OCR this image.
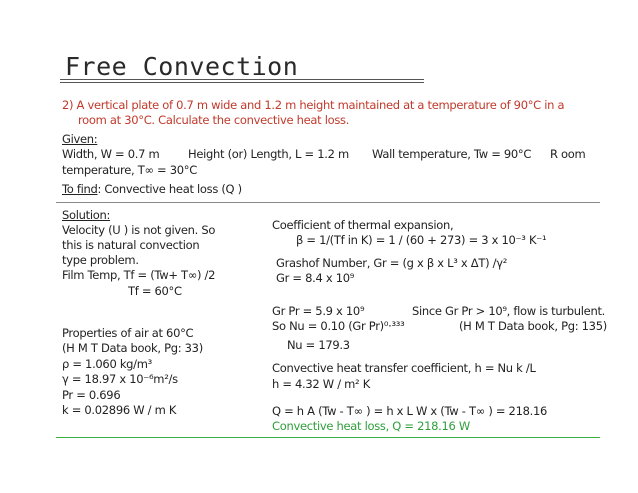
Free Convection
2) A vertical plate of 0.7 m wide and 1.2 m height maintained at a temperature of 90°C in a
room at 30°C. Calculate the convective heat loss.
Given:
Width, W = 0.7 m Height (or) Length, L = 1.2 m Wall temperature, Tw = 90°C R oom
temperature, T∞ = 30°C
To find: Convective heat loss (Q )
Solution:
Velocity (U ) is not given. So
this is natural convection
type problem.
Film Temp, Tf = (Tw+ T∞) /2
Tf = 60°C
Properties of air at 60°C
(H M T Data book, Pg: 33)
ρ = 1.060 kg/m³
γ = 18.97 x 10⁻⁶m²/s
Pr = 0.696
k = 0.02896 W / m K
Coefficient of thermal expansion,
β = 1/(Tf in K) = 1 / (60 + 273) = 3 x 10⁻³ K⁻¹
Grashof Number, Gr = (g x β x L³ x ΔT) /γ²
Gr = 8.4 x 10⁹
Gr Pr = 5.9 x 10⁹	Since Gr Pr > 10⁹, flow is turbulent.
So Nu = 0.10 (Gr Pr)⁰·³³³	(H M T Data book, Pg: 135)
Nu = 179.3
Convective heat transfer coefficient, h = Nu k /L
h = 4.32 W / m² K
Q = h A (Tw - T∞ ) = h x L W x (Tw - T∞ ) = 218.16
Convective heat loss, Q = 218.16 W
